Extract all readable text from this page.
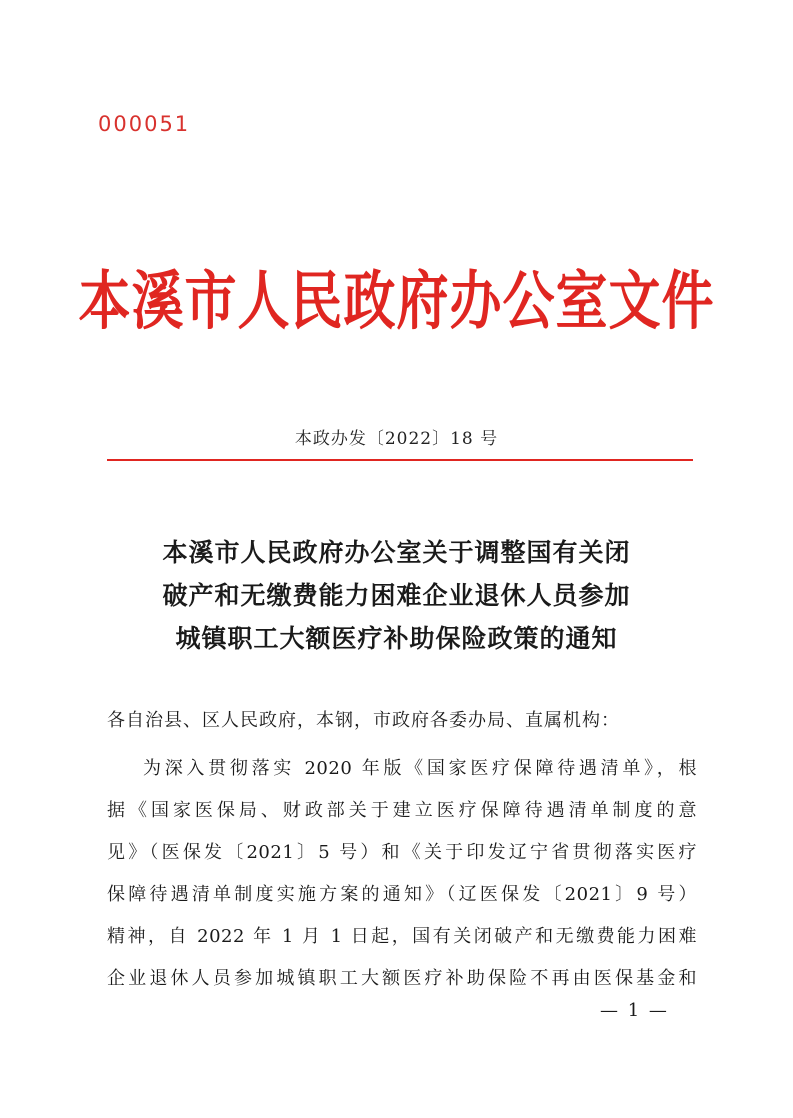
000051
本溪市人民政府办公室文件
本政办发〔2022〕18 号
本溪市人民政府办公室关于调整国有关闭
破产和无缴费能力困难企业退休人员参加
城镇职工大额医疗补助保险政策的通知
各自治县、区人民政府，本钢，市政府各委办局、直属机构：
为深入贯彻落实 2020 年版《国家医疗保障待遇清单》，根
据《国家医保局、财政部关于建立医疗保障待遇清单制度的意
见》（医保发〔2021〕5 号）和《关于印发辽宁省贯彻落实医疗
保障待遇清单制度实施方案的通知》（辽医保发〔2021〕9 号）
精神，自 2022 年 1 月 1 日起，国有关闭破产和无缴费能力困难
企业退休人员参加城镇职工大额医疗补助保险不再由医保基金和
— 1 —
